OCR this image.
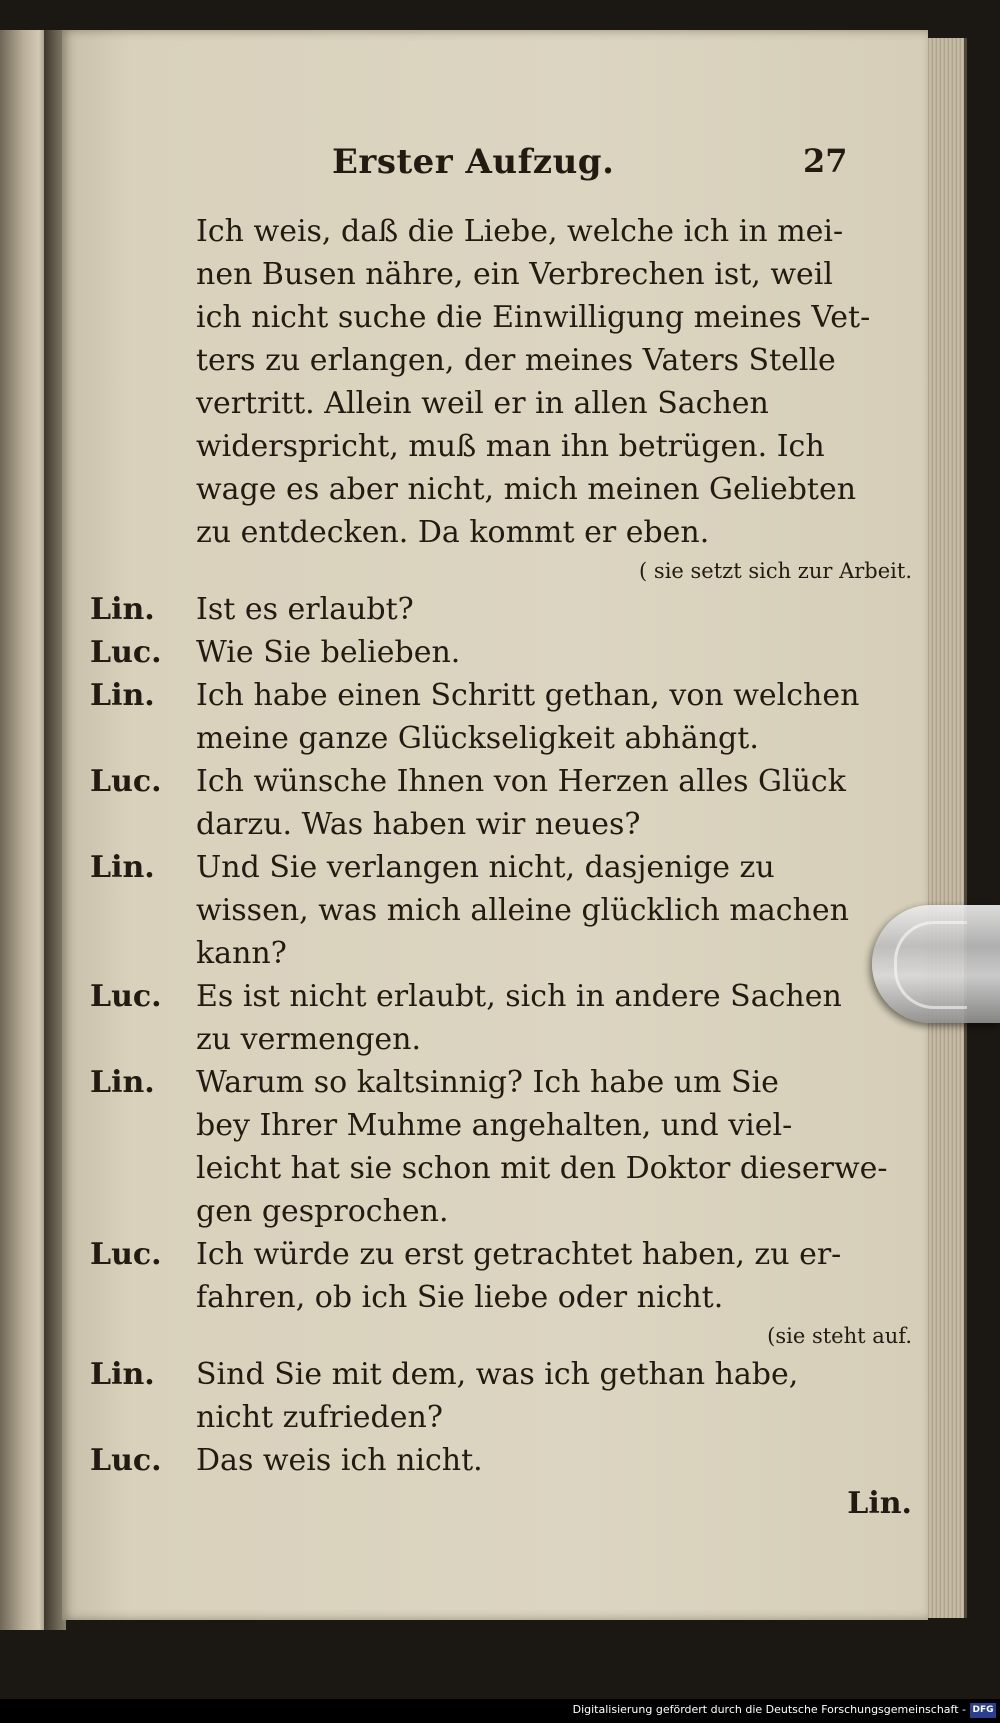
Erster Aufzug.	27
Ich weis, daß die Liebe, welche ich in mei-
nen Busen nähre, ein Verbrechen ist, weil
ich nicht suche die Einwilligung meines Vet-
ters zu erlangen, der meines Vaters Stelle
vertritt. Allein weil er in allen Sachen
widerspricht, muß man ihn betrügen. Ich
wage es aber nicht, mich meinen Geliebten
zu entdecken. Da kommt er eben.
( sie setzt sich zur Arbeit.
Lin. Ist es erlaubt?
Luc. Wie Sie belieben.
Lin. Ich habe einen Schritt gethan, von welchen
meine ganze Glückseligkeit abhängt.
Luc. Ich wünsche Ihnen von Herzen alles Glück
darzu. Was haben wir neues?
Lin. Und Sie verlangen nicht, dasjenige zu
wissen, was mich alleine glücklich machen
kann?
Luc. Es ist nicht erlaubt, sich in andere Sachen
zu vermengen.
Lin. Warum so kaltsinnig? Ich habe um Sie
bey Ihrer Muhme angehalten, und viel-
leicht hat sie schon mit den Doktor dieserwe-
gen gesprochen.
Luc. Ich würde zu erst getrachtet haben, zu er-
fahren, ob ich Sie liebe oder nicht.
(sie steht auf.
Lin. Sind Sie mit dem, was ich gethan habe,
nicht zufrieden?
Luc. Das weis ich nicht.
Lin.
Digitalisierung gefördert durch die Deutsche Forschungsgemeinschaft - DFG
